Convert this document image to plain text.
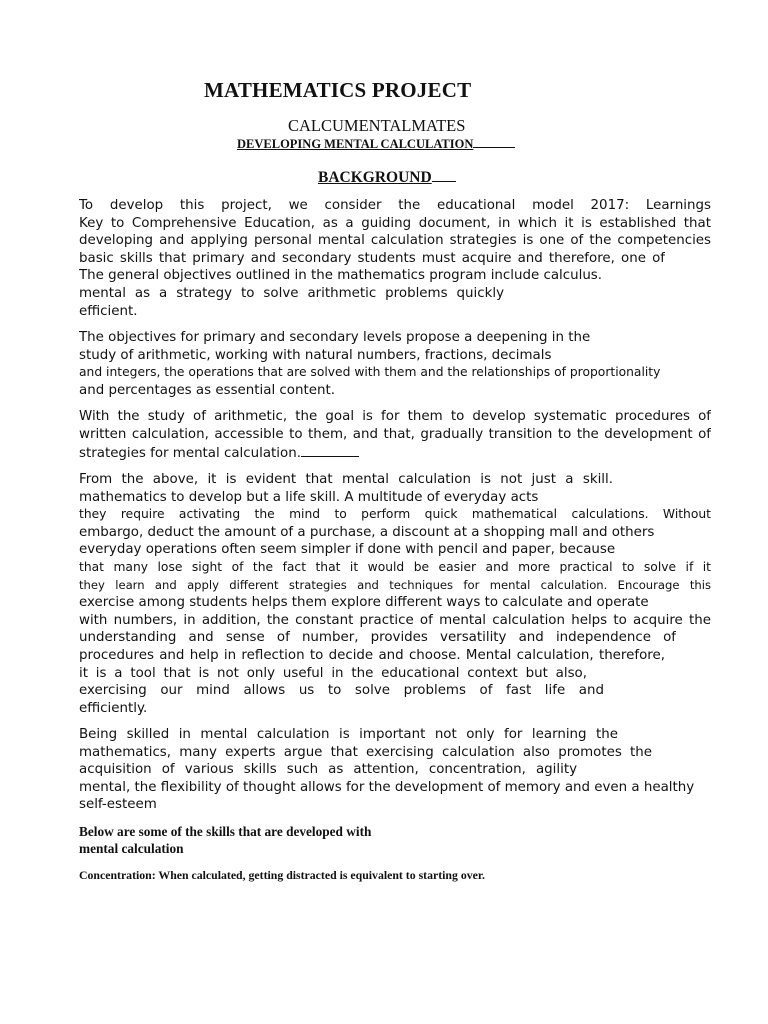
MATHEMATICS PROJECT
CALCUMENTALMATES
DEVELOPING MENTAL CALCULATION
BACKGROUND
To develop this project, we consider the educational model 2017: Learnings
Key to Comprehensive Education, as a guiding document, in which it is established that
developing and applying personal mental calculation strategies is one of the competencies
basic skills that primary and secondary students must acquire and therefore, one of
The general objectives outlined in the mathematics program include calculus.
mental as a strategy to solve arithmetic problems quickly
efficient.
The objectives for primary and secondary levels propose a deepening in the
study of arithmetic, working with natural numbers, fractions, decimals
and integers, the operations that are solved with them and the relationships of proportionality
and percentages as essential content.
With the study of arithmetic, the goal is for them to develop systematic procedures of
written calculation, accessible to them, and that, gradually transition to the development of
strategies for mental calculation.
From the above, it is evident that mental calculation is not just a skill.
mathematics to develop but a life skill. A multitude of everyday acts
they require activating the mind to perform quick mathematical calculations. Without
embargo, deduct the amount of a purchase, a discount at a shopping mall and others
everyday operations often seem simpler if done with pencil and paper, because
that many lose sight of the fact that it would be easier and more practical to solve if it
they learn and apply different strategies and techniques for mental calculation. Encourage this
exercise among students helps them explore different ways to calculate and operate
with numbers, in addition, the constant practice of mental calculation helps to acquire the
understanding and sense of number, provides versatility and independence of
procedures and help in reflection to decide and choose. Mental calculation, therefore,
it is a tool that is not only useful in the educational context but also,
exercising our mind allows us to solve problems of fast life and
efficiently.
Being skilled in mental calculation is important not only for learning the
mathematics, many experts argue that exercising calculation also promotes the
acquisition of various skills such as attention, concentration, agility
mental, the flexibility of thought allows for the development of memory and even a healthy
self-esteem
Below are some of the skills that are developed with
mental calculation
Concentration: When calculated, getting distracted is equivalent to starting over.
